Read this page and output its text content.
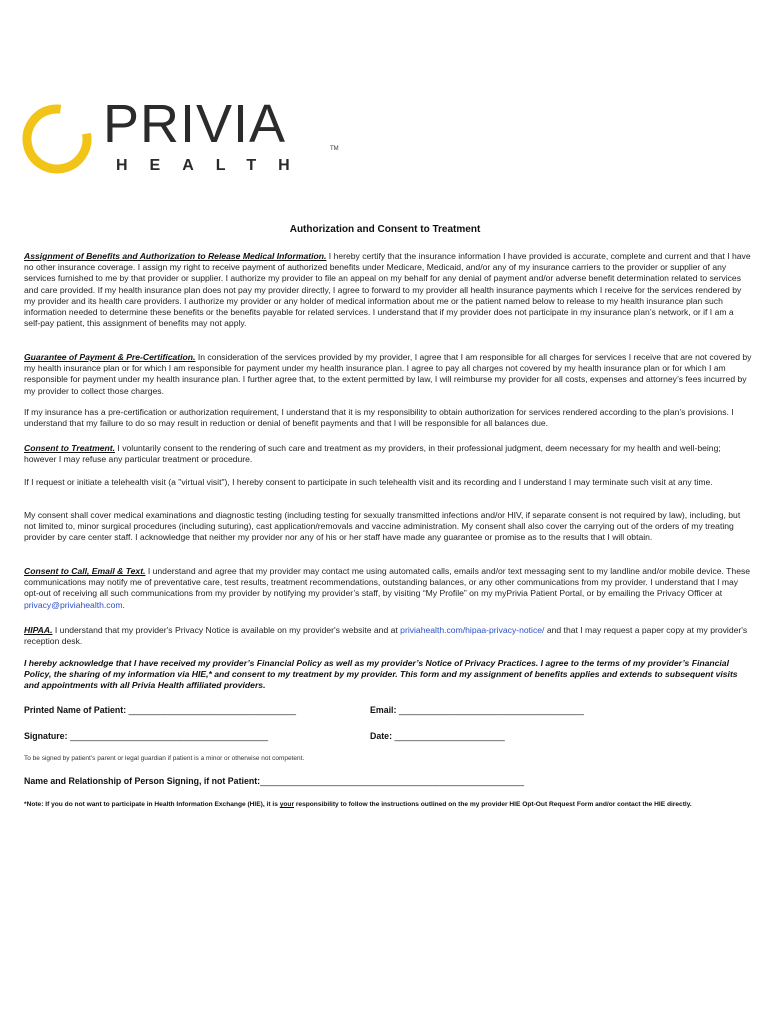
PRIVIA	TM
HEALTH
Authorization and Consent to Treatment

Assignment of Benefits and Authorization to Release Medical Information. I hereby certify that the insurance information I have provided is accurate, complete and current and that I have no other insurance coverage. I assign my right to receive payment of authorized benefits under Medicare, Medicaid, and/or any of my insurance carriers to the provider or supplier of any services furnished to me by that provider or supplier. I authorize my provider to file an appeal on my behalf for any denial of payment and/or adverse benefit determination related to services and care provided. If my health insurance plan does not pay my provider directly, I agree to forward to my provider all health insurance payments which I receive for the services rendered by my provider and its health care providers. I authorize my provider or any holder of medical information about me or the patient named below to release to my health insurance plan such information needed to determine these benefits or the benefits payable for related services. I understand that if my provider does not participate in my insurance plan’s network, or if I am a self-pay patient, this assignment of benefits may not apply.

Guarantee of Payment & Pre-Certification. In consideration of the services provided by my provider, I agree that I am responsible for all charges for services I receive that are not covered by my health insurance plan or for which I am responsible for payment under my health insurance plan. I agree to pay all charges not covered by my health insurance plan or for which I am responsible for payment under my health insurance plan. I further agree that, to the extent permitted by law, I will reimburse my provider for all costs, expenses and attorney’s fees incurred by my provider to collect those charges.

If my insurance has a pre-certification or authorization requirement, I understand that it is my responsibility to obtain authorization for services rendered according to the plan’s provisions. I understand that my failure to do so may result in reduction or denial of benefit payments and that I will be responsible for all balances due.

Consent to Treatment. I voluntarily consent to the rendering of such care and treatment as my providers, in their professional judgment, deem necessary for my health and well-being; however I may refuse any particular treatment or procedure.

If I request or initiate a telehealth visit (a "virtual visit"), I hereby consent to participate in such telehealth visit and its recording and I understand I may terminate such visit at any time.

My consent shall cover medical examinations and diagnostic testing (including testing for sexually transmitted infections and/or HIV, if separate consent is not required by law), including, but not limited to, minor surgical procedures (including suturing), cast application/removals and vaccine administration. My consent shall also cover the carrying out of the orders of my treating provider by care center staff. I acknowledge that neither my provider nor any of his or her staff have made any guarantee or promise as to the results that I will obtain.

Consent to Call, Email & Text. I understand and agree that my provider may contact me using automated calls, emails and/or text messaging sent to my landline and/or mobile device. These communications may notify me of preventative care, test results, treatment recommendations, outstanding balances, or any other communications from my provider. I understand that I may opt-out of receiving all such communications from my provider by notifying my provider’s staff, by visiting “My Profile” on my myPrivia Patient Portal, or by emailing the Privacy Officer at privacy@priviahealth.com.

HIPAA. I understand that my provider's Privacy Notice is available on my provider's website and at priviahealth.com/hipaa-privacy-notice/ and that I may request a paper copy at my provider's reception desk.

I hereby acknowledge that I have received my provider’s Financial Policy as well as my provider’s Notice of Privacy Practices. I agree to the terms of my provider’s Financial Policy, the sharing of my information via HIE,* and consent to my treatment by my provider. This form and my assignment of benefits applies and extends to subsequent visits and appointments with all Privia Health affiliated providers.

Printed Name of Patient: ______________________________________	Email: __________________________________________
Signature: _____________________________________________	Date: _________________________
To be signed by patient’s parent or legal guardian if patient is a minor or otherwise not competent.
Name and Relationship of Person Signing, if not Patient:____________________________________________________________

*Note: If you do not want to participate in Health Information Exchange (HIE), it is your responsibility to follow the instructions outlined on the my provider HIE Opt-Out Request Form and/or contact the HIE directly.
